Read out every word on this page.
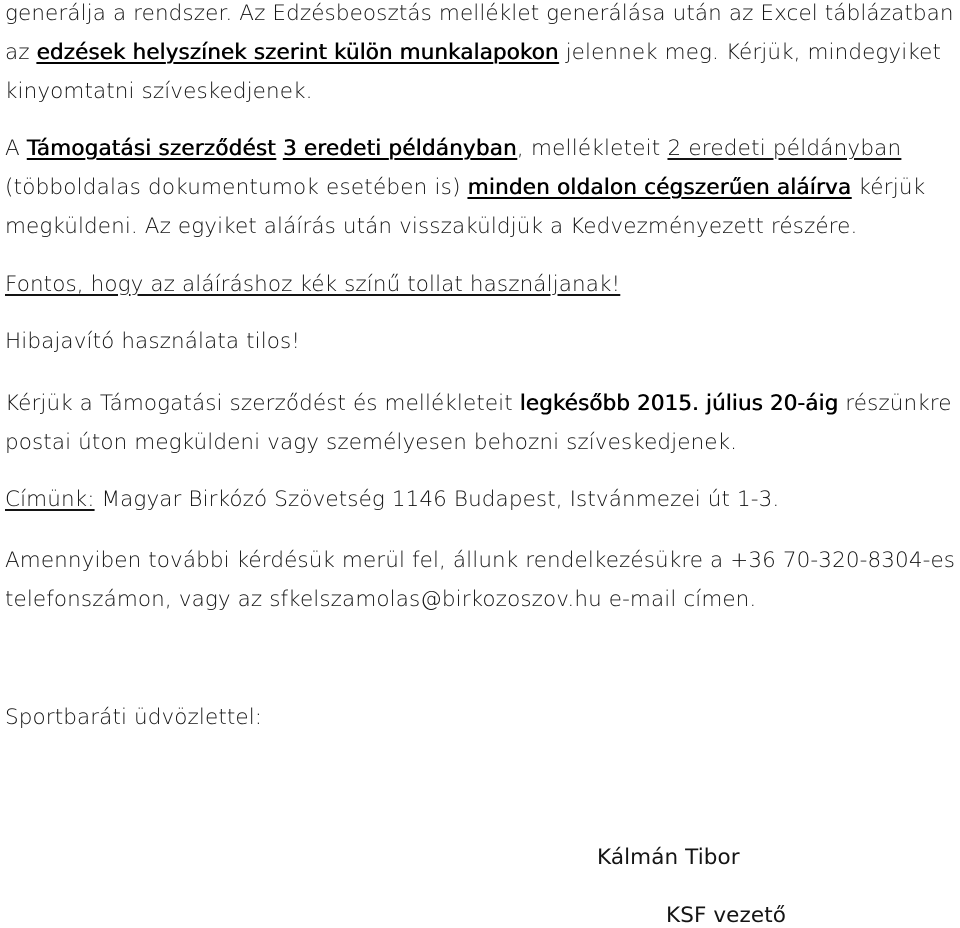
generálja a rendszer. Az Edzésbeosztás melléklet generálása után az Excel táblázatban

az edzések helyszínek szerint külön munkalapokon jelennek meg. Kérjük, mindegyiket

kinyomtatni szíveskedjenek.

A Támogatási szerződést 3 eredeti példányban, mellékleteit 2 eredeti példányban

(többoldalas dokumentumok esetében is) minden oldalon cégszerűen aláírva kérjük

megküldeni. Az egyiket aláírás után visszaküldjük a Kedvezményezett részére.

Fontos, hogy az aláíráshoz kék színű tollat használjanak!

Hibajavító használata tilos!

Kérjük a Támogatási szerződést és mellékleteit legkésőbb 2015. július 20-áig részünkre

postai úton megküldeni vagy személyesen behozni szíveskedjenek.

Címünk: Magyar Birkózó Szövetség 1146 Budapest, Istvánmezei út 1-3.

Amennyiben további kérdésük merül fel, állunk rendelkezésükre a +36 70-320-8304-es

telefonszámon, vagy az sfkelszamolas@birkozoszov.hu e-mail címen.

Sportbaráti üdvözlettel:

Kálmán Tibor

KSF vezető
